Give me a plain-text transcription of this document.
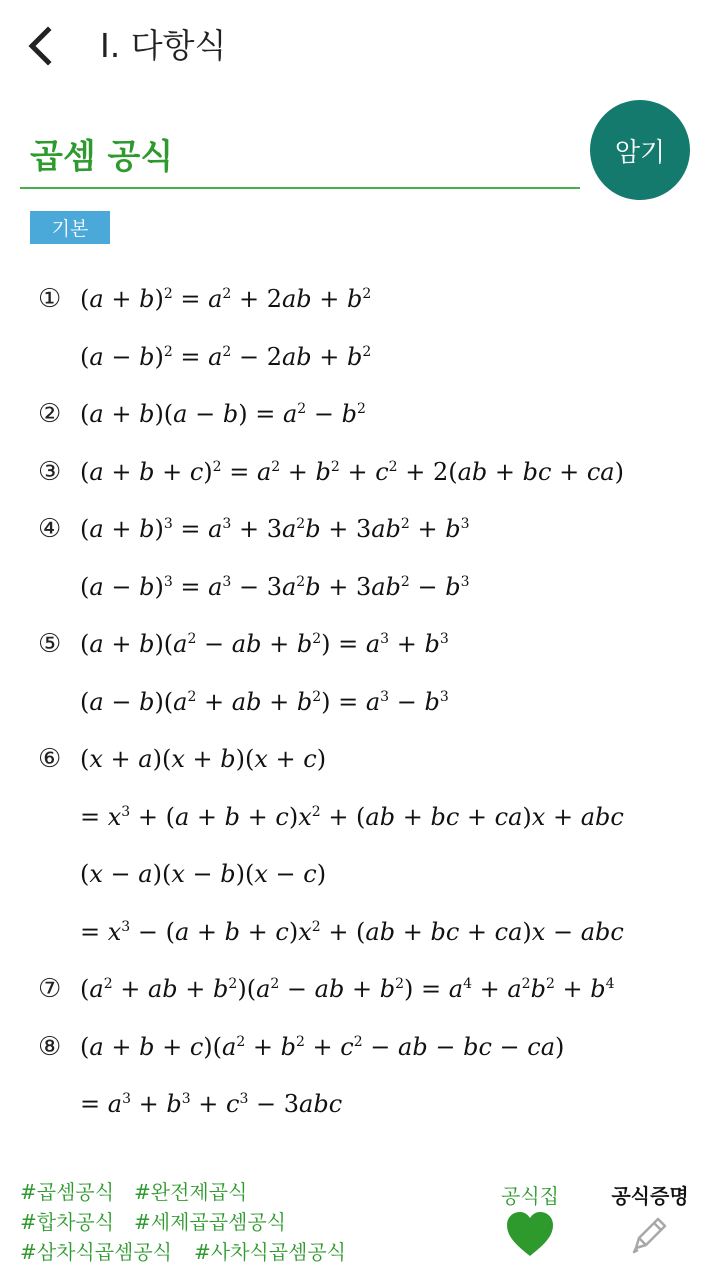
Ⅰ. 다항식
곱셈 공식	암기
기본
① $(a + b)^2 = a^2 + 2ab + b^2$
$(a - b)^2 = a^2 - 2ab + b^2$
② $(a + b)(a - b) = a^2 - b^2$
③ $(a + b + c)^2 = a^2 + b^2 + c^2 + 2(ab$ + bc + ca)
④ $(a + b)^3 = a^3 + 3a^2b + 3ab^2 + b^3$
$(a - b)^3 = a^3 - 3a^2b + 3ab^2 - b^3$
⑤ $(a + b)(a^2$ − ab + $b^2) = a^3 + b^3$
$(a - b)(a^2$ + ab + $b^2) = a^3 - b^3$
⑥ (x + a)(x + b)(x + c)
= $x^3 + (a + b + c)x^2 + (ab$ + bc + ca)x + abc
(x − a)(x − b)(x − c)
= $x^3 - (a + b + c)x^2 + (ab$ + bc + ca)x − abc
⑦ ($a^2$ + ab + $b^2)(a^2$ − ab + $b^2) = a^4 + a^2b^2 + b^4$
⑧ $(a + b + c)(a^2 + b^2 + c^2$ − ab − bc − ca)
= $a^3 + b^3 + c^3 - 3abc$
#곱셈공식 #완전제곱식
#합차공식 #세제곱곱셈공식
#삼차식곱셈공식 #사차식곱셈공식
공식집	공식증명
